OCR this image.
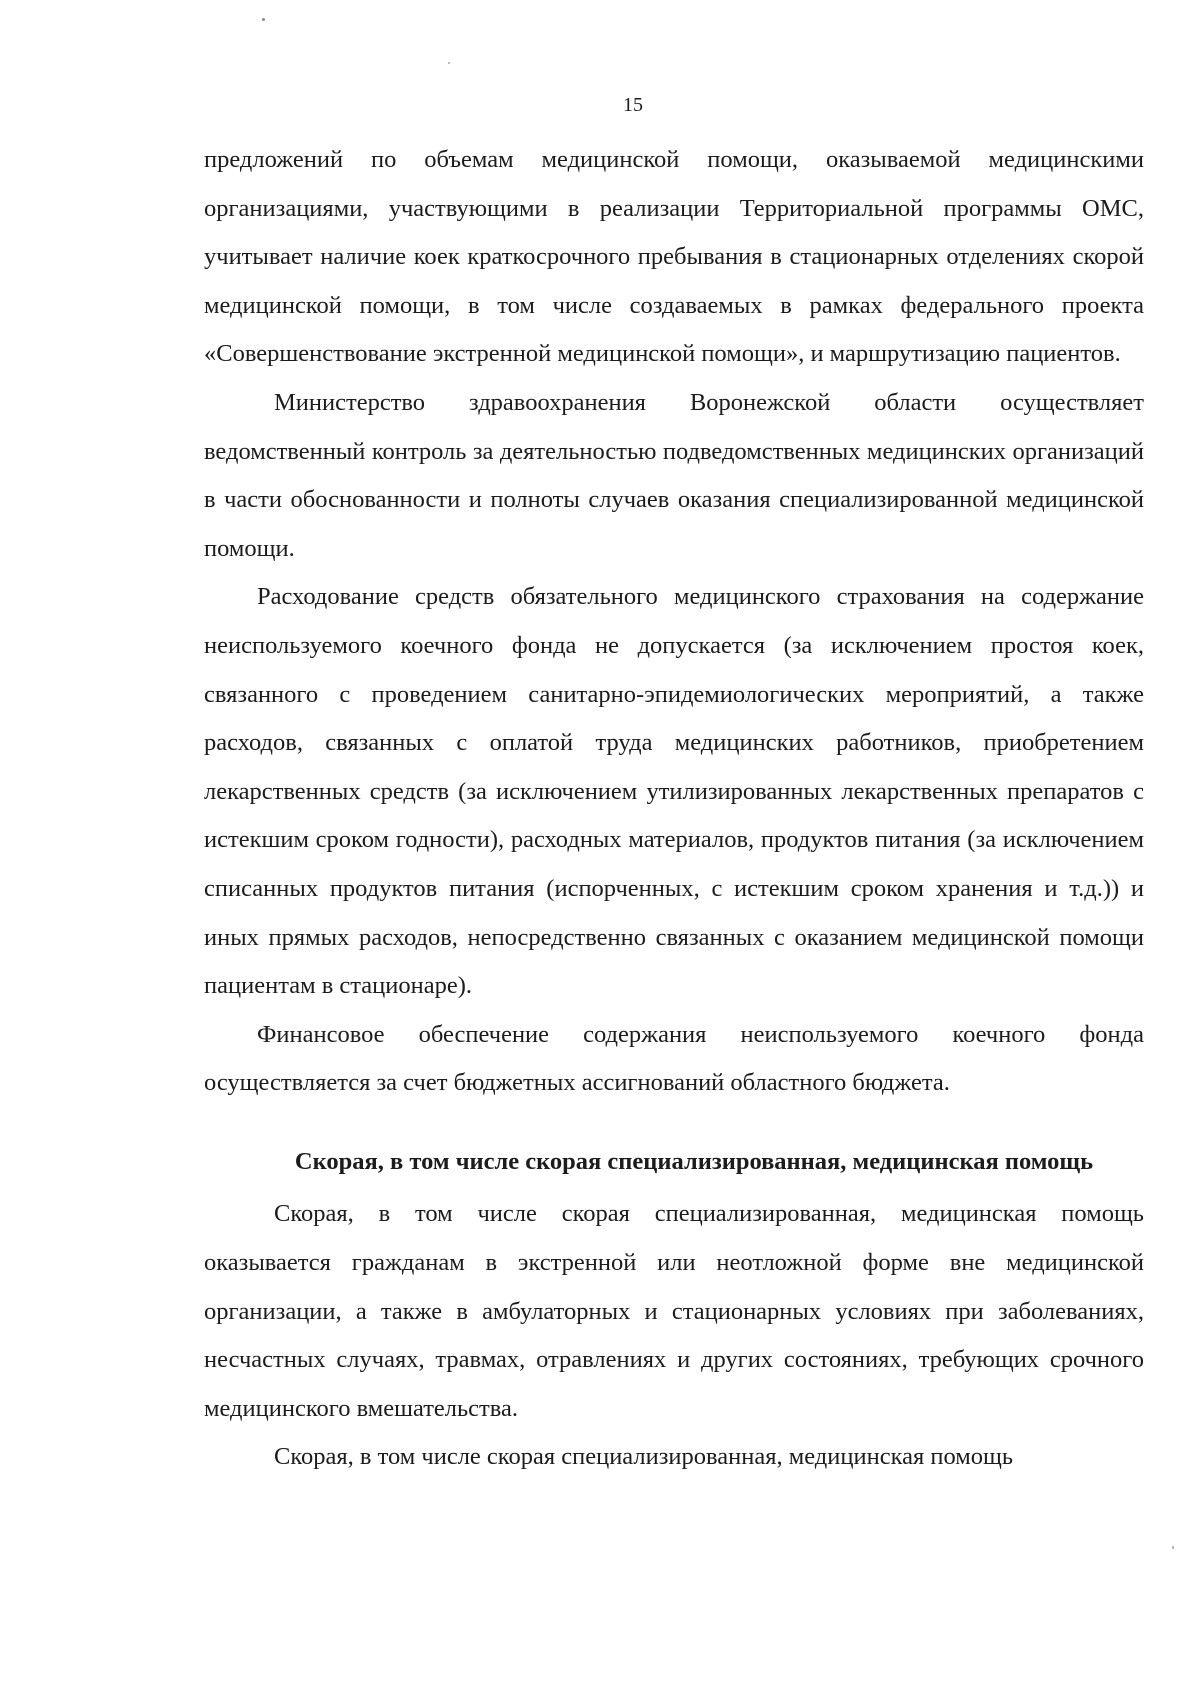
15

предложений по объемам медицинской помощи, оказываемой медицинскими организациями, участвующими в реализации Территориальной программы ОМС, учитывает наличие коек краткосрочного пребывания в стационарных отделениях скорой медицинской помощи, в том числе создаваемых в рамках федерального проекта «Совершенствование экстренной медицинской помощи», и маршрутизацию пациентов.

Министерство здравоохранения Воронежской области осуществляет ведомственный контроль за деятельностью подведомственных медицинских организаций в части обоснованности и полноты случаев оказания специализированной медицинской помощи.

Расходование средств обязательного медицинского страхования на содержание неиспользуемого коечного фонда не допускается (за исключением простоя коек, связанного с проведением санитарно-эпидемиологических мероприятий, а также расходов, связанных с оплатой труда медицинских работников, приобретением лекарственных средств (за исключением утилизированных лекарственных препаратов с истекшим сроком годности), расходных материалов, продуктов питания (за исключением списанных продуктов питания (испорченных, с истекшим сроком хранения и т.д.)) и иных прямых расходов, непосредственно связанных с оказанием медицинской помощи пациентам в стационаре).

Финансовое обеспечение содержания неиспользуемого коечного фонда осуществляется за счет бюджетных ассигнований областного бюджета.

Скорая, в том числе скорая специализированная, медицинская помощь

Скорая, в том числе скорая специализированная, медицинская помощь оказывается гражданам в экстренной или неотложной форме вне медицинской организации, а также в амбулаторных и стационарных условиях при заболеваниях, несчастных случаях, травмах, отравлениях и других состояниях, требующих срочного медицинского вмешательства.

Скорая, в том числе скорая специализированная, медицинская помощь
